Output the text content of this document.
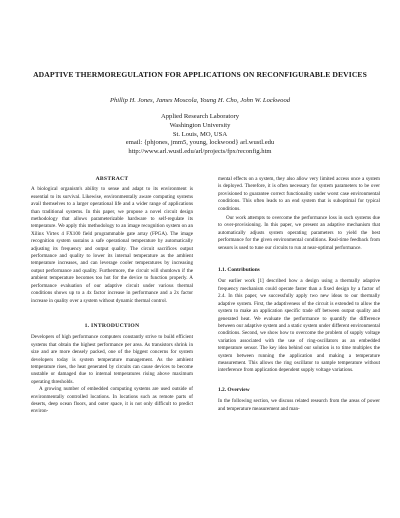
ADAPTIVE THERMOREGULATION FOR APPLICATIONS ON RECONFIGURABLE DEVICES
Phillip H. Jones, James Moscola, Young H. Cho, John W. Lockwood
Applied Research Laboratory
Washington University
St. Louis, MO, USA
email: {phjones, jmm5, young, lockwood} arl.wustl.edu
http://www.arl.wustl.edu/arl/projects/fpx/reconfig.htm
ABSTRACT
A biological organism's ability to sense and adapt to its environment is essential to its survival. Likewise, environmentally aware computing systems avail themselves to a larger operational life and a wider range of applications than traditional systems. In this paper, we propose a novel circuit design methodology that allows parameterizable hardware to self-regulate its temperature. We apply this methodology to an image recognition system on an Xilinx Virtex 4 FX100 field programmable gate array (FPGA). The image recognition system sustains a safe operational temperature by automatically adjusting its frequency and output quality. The circuit sacrifices output performance and quality to lower its internal temperature as the ambient temperature increases, and can leverage cooler temperatures by increasing output performance and quality. Furthermore, the circuit will shutdown if the ambient temperature becomes too hot for the device to function properly. A performance evaluation of our adaptive circuit under various thermal conditions shows up to a 4x factor increase in performance and a 2x factor increase in quality over a system without dynamic thermal control.
1. INTRODUCTION
Developers of high performance computers constantly strive to build efficient systems that obtain the highest performance per area. As transistors shrink in size and are more densely packed, one of the biggest concerns for system developers today is system temperature management. As the ambient temperature rises, the heat generated by circuits can cause devices to become unstable or damaged due to internal temperatures rising above maximum operating thresholds.
A growing number of embedded computing systems are used outside of environmentally controlled locations. In locations such as remote parts of deserts, deep ocean floors, and outer space, it is not only difficult to predict environ-
mental effects on a system, they also allow very limited access once a system is deployed. Therefore, it is often necessary for system parameters to be over provisioned to guarantee correct functionality under worst case environmental conditions. This often leads to an end system that is suboptimal for typical conditions.
Our work attempts to overcome the performance loss in such systems due to over-provisioning. In this paper, we present an adaptive mechanism that automatically adjusts system operating parameters to yield the best performance for the given environmental conditions. Real-time feedback from sensors is used to tune our circuits to run at near-optimal performance.
1.1. Contributions
Our earlier work [1] described how a design using a thermally adaptive frequency mechanism could operate faster than a fixed design by a factor of 2.4. In this paper, we successfully apply two new ideas to our thermally adaptive system. First, the adaptiveness of the circuit is extended to allow the system to make an application specific trade off between output quality and generated heat. We evaluate the performance to quantify the difference between our adaptive system and a static system under different environmental conditions. Second, we show how to overcome the problem of supply voltage variation associated with the use of ring-oscillators as an embedded temperature sensor. The key idea behind our solution is to time multiplex the system between running the application and making a temperature measurement. This allows the ring oscillator to sample temperature without interference from application dependent supply voltage variations.
1.2. Overview
In the following section, we discuss related research from the areas of power and temperature measurement and man-
